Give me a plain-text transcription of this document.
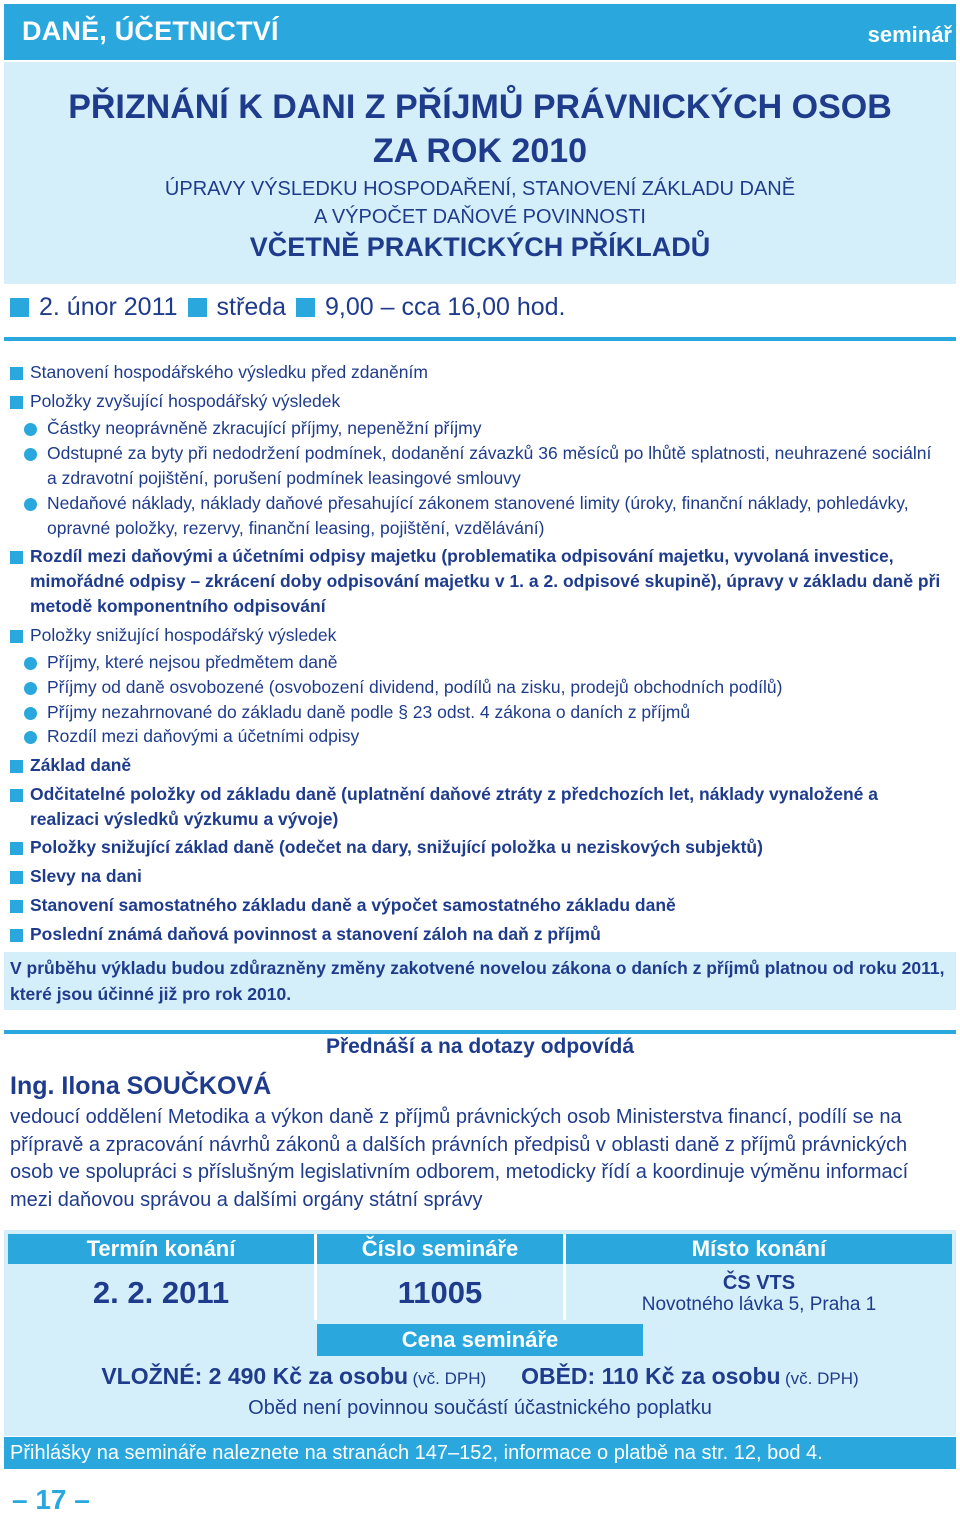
DANĚ, ÚČETNICTVÍ	seminář
PŘIZNÁNÍ K DANI Z PŘÍJMŮ PRÁVNICKÝCH OSOB
ZA ROK 2010
ÚPRAVY VÝSLEDKU HOSPODAŘENÍ, STANOVENÍ ZÁKLADU DANĚ
A VÝPOČET DAŇOVÉ POVINNOSTI
VČETNĚ PRAKTICKÝCH PŘÍKLADŮ
2. únor 2011 středa 9,00 – cca 16,00 hod.
Stanovení hospodářského výsledku před zdaněním
Položky zvyšující hospodářský výsledek
Částky neoprávněně zkracující příjmy, nepeněžní příjmy
Odstupné za byty při nedodržení podmínek, dodanění závazků 36 měsíců po lhůtě splatnosti, neuhrazené sociální a zdravotní pojištění, porušení podmínek leasingové smlouvy
Nedaňové náklady, náklady daňové přesahující zákonem stanovené limity (úroky, finanční náklady, pohledávky, opravné položky, rezervy, finanční leasing, pojištění, vzdělávání)
Rozdíl mezi daňovými a účetními odpisy majetku (problematika odpisování majetku, vyvolaná investice, mimořádné odpisy – zkrácení doby odpisování majetku v 1. a 2. odpisové skupině), úpravy v základu daně při metodě komponentního odpisování
Položky snižující hospodářský výsledek
Příjmy, které nejsou předmětem daně
Příjmy od daně osvobozené (osvobození dividend, podílů na zisku, prodejů obchodních podílů)
Příjmy nezahrnované do základu daně podle § 23 odst. 4 zákona o daních z příjmů
Rozdíl mezi daňovými a účetními odpisy
Základ daně
Odčitatelné položky od základu daně (uplatnění daňové ztráty z předchozích let, náklady vynaložené a realizaci výsledků výzkumu a vývoje)
Položky snižující základ daně (odečet na dary, snižující položka u neziskových subjektů)
Slevy na dani
Stanovení samostatného základu daně a výpočet samostatného základu daně
Poslední známá daňová povinnost a stanovení záloh na daň z příjmů
V průběhu výkladu budou zdůrazněny změny zakotvené novelou zákona o daních z příjmů platnou od roku 2011, které jsou účinné již pro rok 2010.
Přednáší a na dotazy odpovídá
Ing. Ilona SOUČKOVÁ
vedoucí oddělení Metodika a výkon daně z příjmů právnických osob Ministerstva financí, podílí se na přípravě a zpracování návrhů zákonů a dalších právních předpisů v oblasti daně z příjmů právnických osob ve spolupráci s příslušným legislativním odborem, metodicky řídí a koordinuje výměnu informací mezi daňovou správou a dalšími orgány státní správy
Termín konání	Číslo semináře	Místo konání
2. 2. 2011	11005	ČS VTS
Novotného lávka 5, Praha 1
Cena semináře
VLOŽNÉ: 2 490 Kč za osobu (vč. DPH) OBĚD: 110 Kč za osobu (vč. DPH)
Oběd není povinnou součástí účastnického poplatku
Přihlášky na semináře naleznete na stranách 147–152, informace o platbě na str. 12, bod 4.
– 17 –
